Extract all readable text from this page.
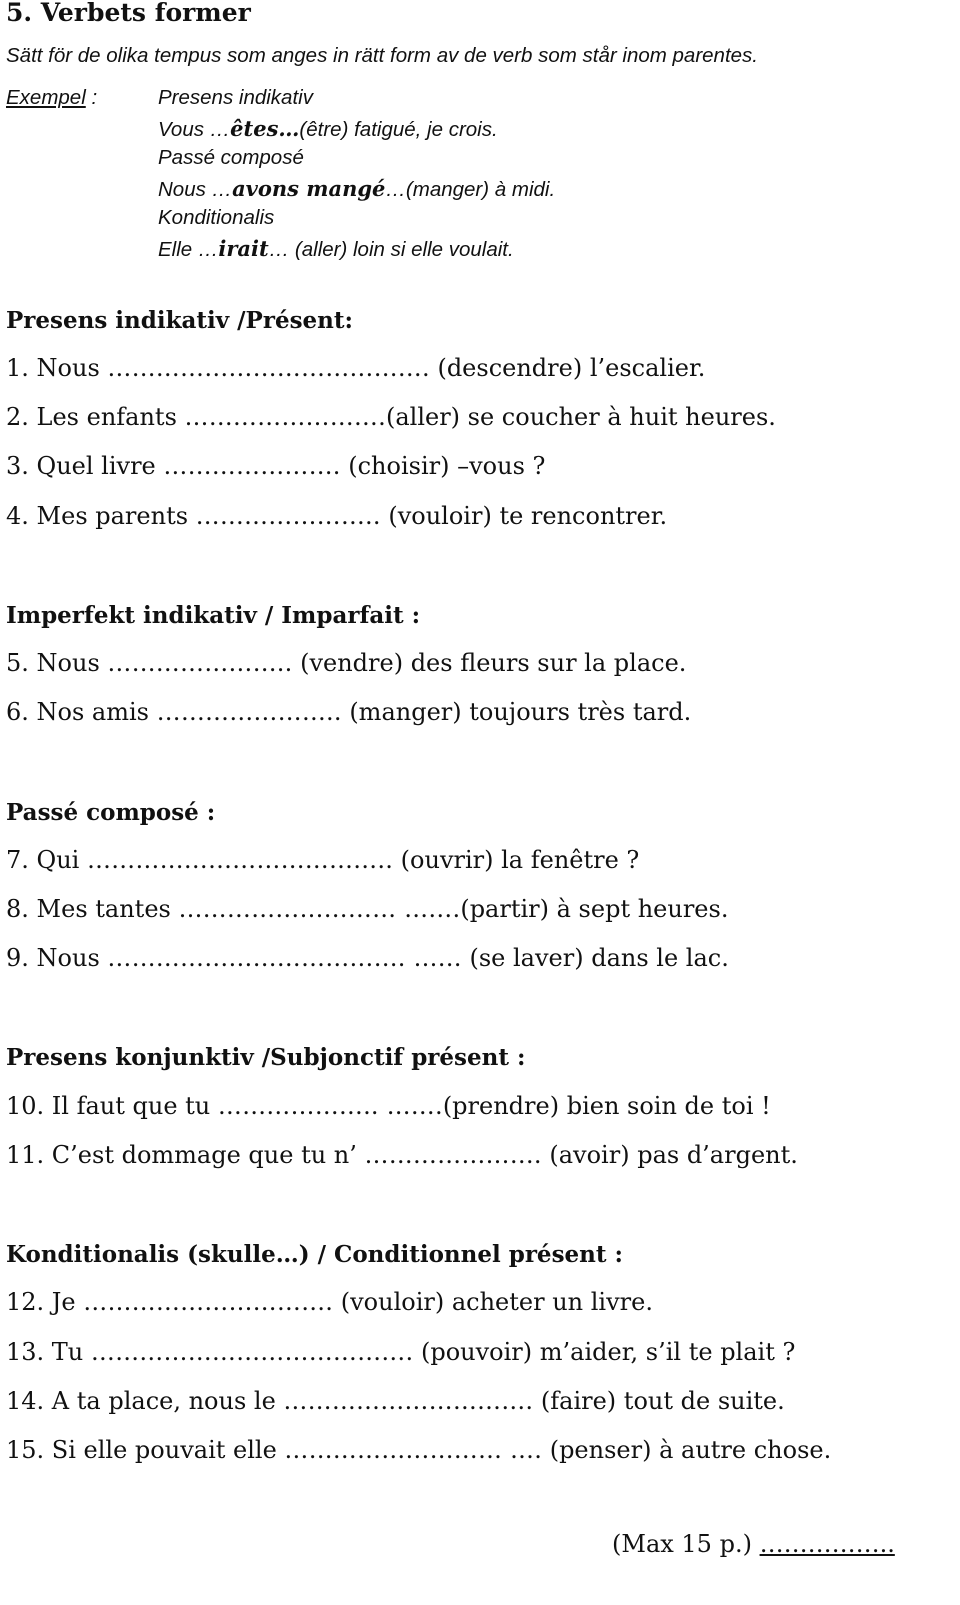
5. Verbets former
Sätt för de olika tempus som anges in rätt form av de verb som står inom parentes.
Exempel :	Presens indikativ
Vous …êtes…(être) fatigué, je crois.
Passé composé
Nous …avons mangé…(manger) à midi.
Konditionalis
Elle …irait… (aller) loin si elle voulait.
Presens indikativ /Présent:
1. Nous …………………………………. (descendre) l’escalier.
2. Les enfants …………………….(aller) se coucher à huit heures.
3. Quel livre …………………. (choisir) –vous ?
4. Mes parents ………………….. (vouloir) te rencontrer.
Imperfekt indikativ / Imparfait :
5. Nous ………………….. (vendre) des fleurs sur la place.
6. Nos amis ………………….. (manger) toujours très tard.
Passé composé :
7. Qui ……………………………….. (ouvrir) la fenêtre ?
8. Mes tantes ……………………… …….(partir) à sept heures.
9. Nous ………………………………. …… (se laver) dans le lac.
Presens konjunktiv /Subjonctif présent :
10. Il faut que tu ……………….. …….(prendre) bien soin de toi !
11. C’est dommage que tu n’ …………………. (avoir) pas d’argent.
Konditionalis (skulle…) / Conditionnel présent :
12. Je …………………………. (vouloir) acheter un livre.
13. Tu …………………………………. (pouvoir) m’aider, s’il te plait ?
14. A ta place, nous le …………………………. (faire) tout de suite.
15. Si elle pouvait elle ……………………… …. (penser) à autre chose.
(Max 15 p.) ……………..
